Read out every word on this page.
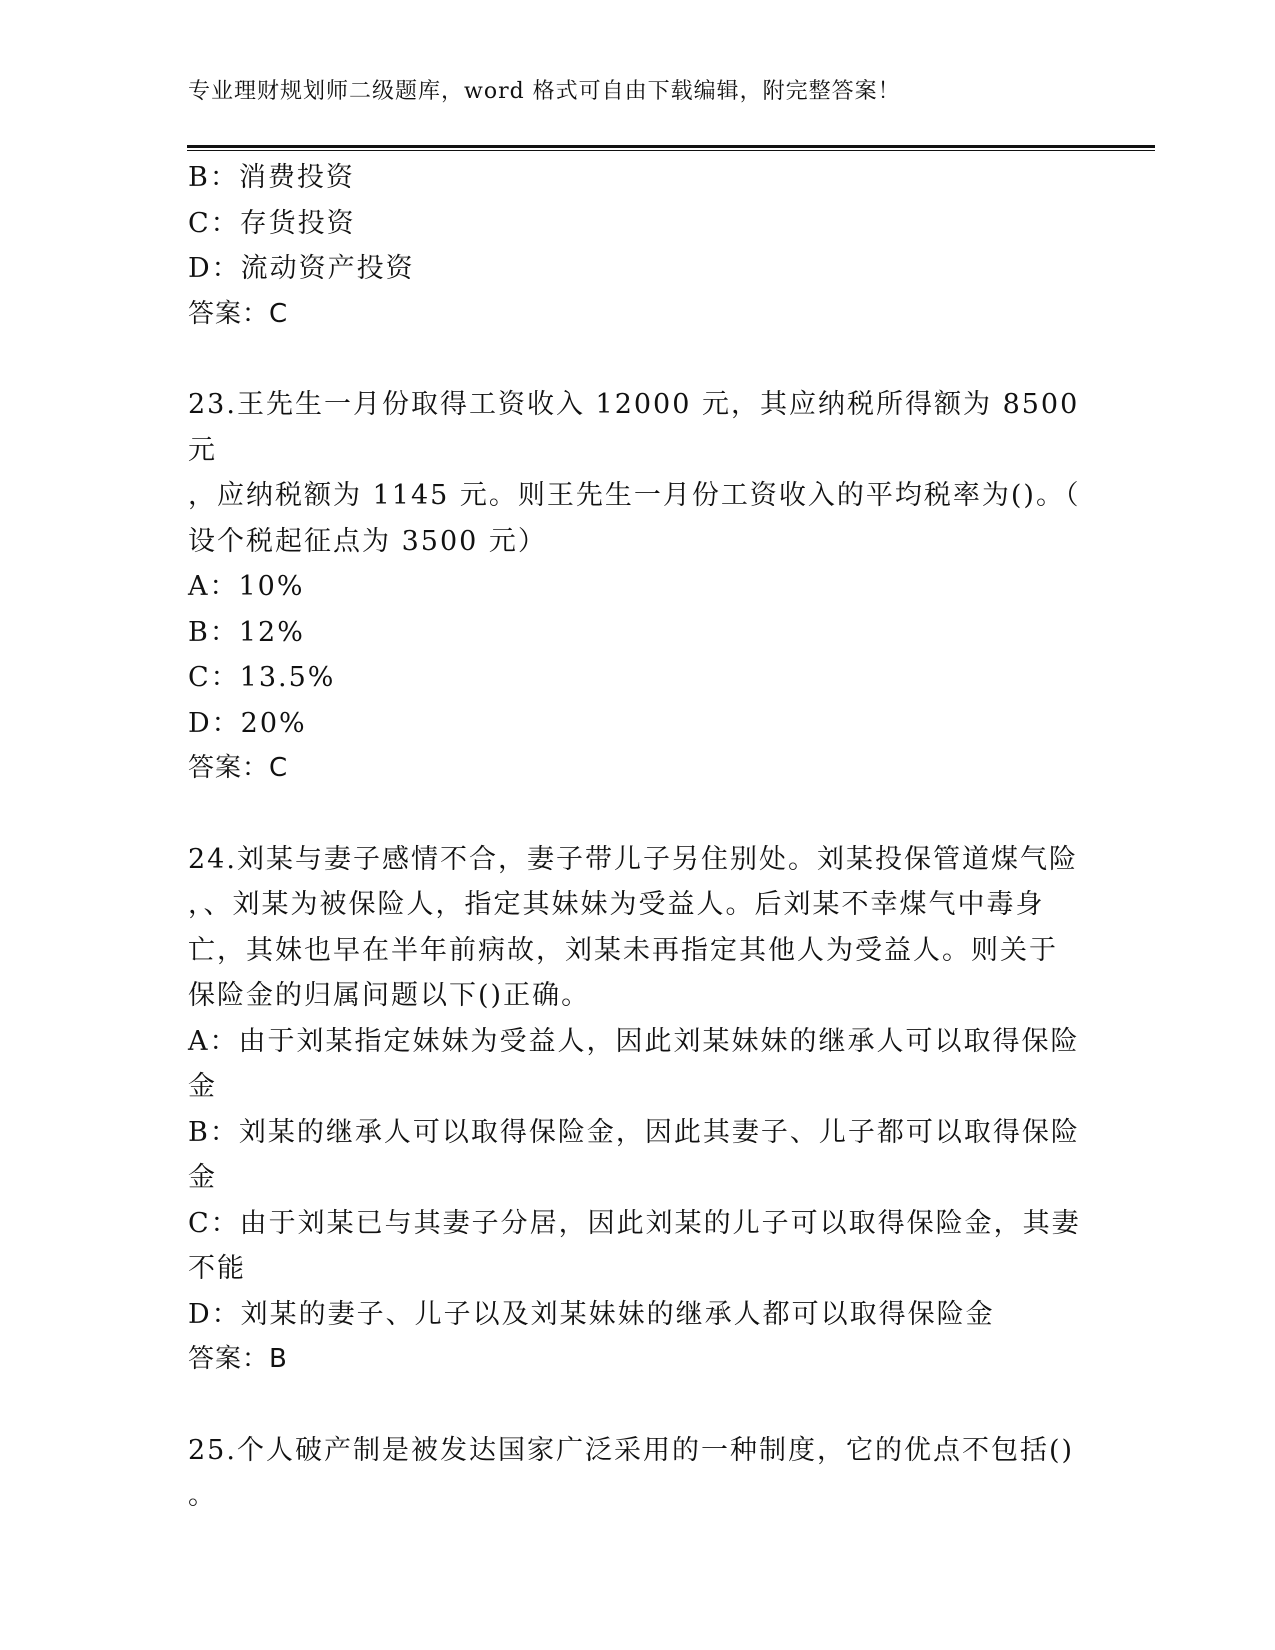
专业理财规划师二级题库，word 格式可自由下载编辑，附完整答案！
B：消费投资
C：存货投资
D：流动资产投资
答案：C
23.王先生一月份取得工资收入 12000 元，其应纳税所得额为 8500 元
，应纳税额为 1145 元。则王先生一月份工资收入的平均税率为()。（
设个税起征点为 3500 元）
A：10%
B：12%
C：13.5%
D：20%
答案：C
24.刘某与妻子感情不合，妻子带儿子另住别处。刘某投保管道煤气险
，、刘某为被保险人，指定其妹妹为受益人。后刘某不幸煤气中毒身
亡，其妹也早在半年前病故，刘某未再指定其他人为受益人。则关于
保险金的归属问题以下()正确。
A：由于刘某指定妹妹为受益人，因此刘某妹妹的继承人可以取得保险
金
B：刘某的继承人可以取得保险金，因此其妻子、儿子都可以取得保险
金
C：由于刘某已与其妻子分居，因此刘某的儿子可以取得保险金，其妻
不能
D：刘某的妻子、儿子以及刘某妹妹的继承人都可以取得保险金
答案：B
25.个人破产制是被发达国家广泛采用的一种制度，它的优点不包括()
。
